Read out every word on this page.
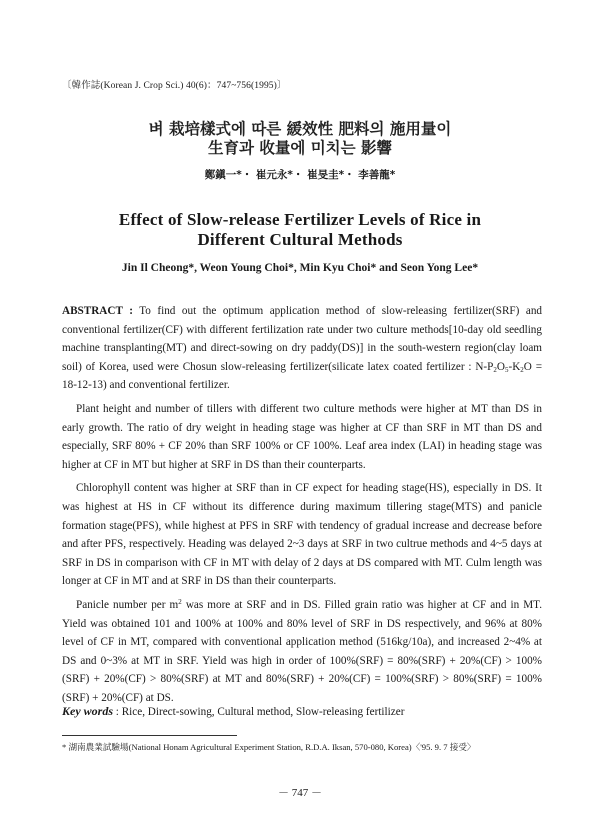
〔韓作誌(Korean J. Crop Sci.) 40(6)：747~756(1995)〕
벼 栽培樣式에 따른 緩效性 肥料의 施用量이
生育과 收量에 미치는 影響
鄭鎭一*・ 崔元永*・ 崔旻圭*・ 李善龍*
Effect of Slow-release Fertilizer Levels of Rice in
Different Cultural Methods
Jin Il Cheong*, Weon Young Choi*, Min Kyu Choi* and Seon Yong Lee*

ABSTRACT : To find out the optimum application method of slow-releasing fertilizer(SRF) and conventional fertilizer(CF) with different fertilization rate under two culture methods[10-day old seedling machine transplanting(MT) and direct-sowing on dry paddy(DS)] in the south-western region(clay loam soil) of Korea, used were Chosun slow-releasing fertilizer(silicate latex coated fertilizer : $N-P_2O_5-K_2O = 18-12-13$) and conventional fertilizer.

Plant height and number of tillers with different two culture methods were higher at MT than DS in early growth. The ratio of dry weight in heading stage was higher at CF than SRF in MT than DS and especially, SRF 80% + CF 20% than SRF 100% or CF 100%. Leaf area index (LAI) in heading stage was higher at CF in MT but higher at SRF in DS than their counterparts.

Chlorophyll content was higher at SRF than in CF expect for heading stage(HS), especially in DS. It was highest at HS in CF without its difference during maximum tillering stage(MTS) and panicle formation stage(PFS), while highest at PFS in SRF with tendency of gradual increase and decrease before and after PFS, respectively. Heading was delayed 2~3 days at SRF in two cultrue methods and 4~5 days at SRF in DS in comparison with CF in MT with delay of 2 days at DS compared with MT. Culm length was longer at CF in MT and at SRF in DS than their counterparts.

Panicle number per $m^2$ was more at SRF and in DS. Filled grain ratio was higher at CF and in MT. Yield was obtained 101 and 100% at 100% and 80% level of SRF in DS respectively, and 96% at 80% level of CF in MT, compared with conventional application method (516kg/10a), and increased 2~4% at DS and 0~3% at MT in SRF. Yield was high in order of 100%(SRF) = 80%(SRF) + 20%(CF) > 100%(SRF) + 20%(CF) > 80%(SRF) at MT and 80%(SRF) + 20%(CF) = 100%(SRF) > 80%(SRF) = 100%(SRF) + 20%(CF) at DS.

Key words : Rice, Direct-sowing, Cultural method, Slow-releasing fertilizer
* 湖南農業試驗場(National Honam Agricultural Experiment Station, R.D.A. Iksan, 570-080, Korea)〈'95. 9. 7 接受〉
－ 747 －
